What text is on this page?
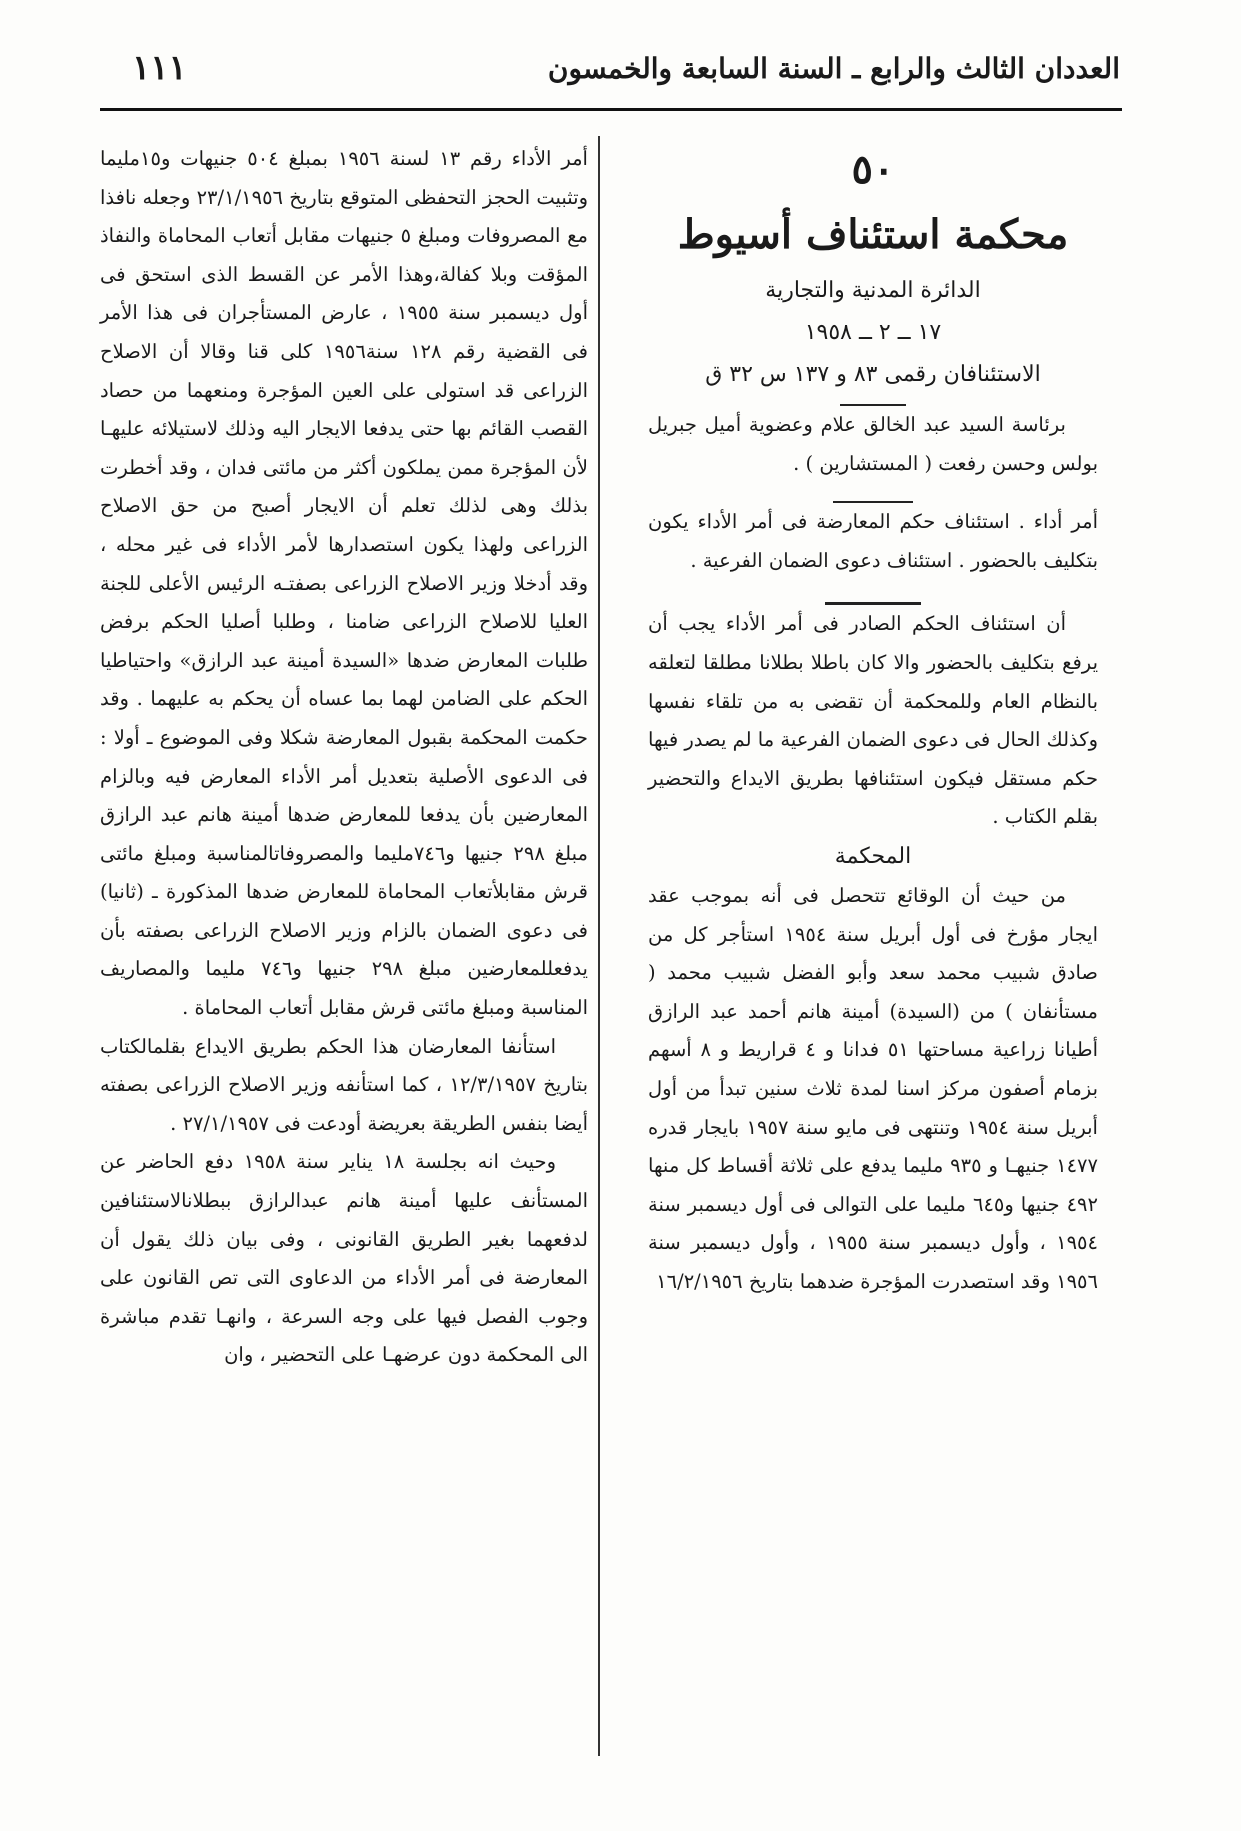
العددان الثالث والرابع ـ السنة السابعة والخمسون
١١١

٥٠

محكمة استئناف أسيوط

الدائرة المدنية والتجارية

١٧ ــ ٢ ــ ١٩٥٨

الاستئنافان رقمى ٨٣ و ١٣٧ س ٣٢ ق

برئاسة السيد عبد الخالق علام وعضوية أميل جبريل بولس وحسن رفعت ( المستشارين ) .

أمر أداء . استئناف حكم المعارضة فى أمر الأداء يكون بتكليف بالحضور . استئناف دعوى الضمان الفرعية .

أن استئناف الحكم الصادر فى أمر الأداء يجب أن يرفع بتكليف بالحضور والا كان باطلا بطلانا مطلقا لتعلقه بالنظام العام وللمحكمة أن تقضى به من تلقاء نفسها وكذلك الحال فى دعوى الضمان الفرعية ما لم يصدر فيها حكم مستقل فيكون استئنافها بطريق الايداع والتحضير بقلم الكتاب .

المحكمة

من حيث أن الوقائع تتحصل فى أنه بموجب عقد ايجار مؤرخ فى أول أبريل سنة ١٩٥٤ استأجر كل من صادق شبيب محمد سعد وأبو الفضل شبيب محمد ( مستأنفان ) من (السيدة) أمينة هانم أحمد عبد الرازق أطيانا زراعية مساحتها ٥١ فدانا و ٤ قراريط و ٨ أسهم بزمام أصفون مركز اسنا لمدة ثلاث سنين تبدأ من أول أبريل سنة ١٩٥٤ وتنتهى فى مايو سنة ١٩٥٧ بايجار قدره ١٤٧٧ جنيهـا و ٩٣٥ مليما يدفع على ثلاثة أقساط كل منها ٤٩٢ جنيها و٦٤٥ مليما على التوالى فى أول ديسمبر سنة ١٩٥٤ ، وأول ديسمبر سنة ١٩٥٥ ، وأول ديسمبر سنة ١٩٥٦ وقد استصدرت المؤجرة ضدهما بتاريخ ١٦/٢/١٩٥٦

أمر الأداء رقم ١٣ لسنة ١٩٥٦ بمبلغ ٥٠٤ جنيهات و١٥مليما وتثبيت الحجز التحفظى المتوقع بتاريخ ٢٣/١/١٩٥٦ وجعله نافذا مع المصروفات ومبلغ ٥ جنيهات مقابل أتعاب المحاماة والنفاذ المؤقت وبلا كفالة،وهذا الأمر عن القسط الذى استحق فى أول ديسمبر سنة ١٩٥٥ ، عارض المستأجران فى هذا الأمر فى القضية رقم ١٢٨ سنة١٩٥٦ كلى قنا وقالا أن الاصلاح الزراعى قد استولى على العين المؤجرة ومنعهما من حصاد القصب القائم بها حتى يدفعا الايجار اليه وذلك لاستيلائه عليهـا لأن المؤجرة ممن يملكون أكثر من مائتى فدان ، وقد أخطرت بذلك وهى لذلك تعلم أن الايجار أصبح من حق الاصلاح الزراعى ولهذا يكون استصدارها لأمر الأداء فى غير محله ، وقد أدخلا وزير الاصلاح الزراعى بصفتـه الرئيس الأعلى للجنة العليا للاصلاح الزراعى ضامنا ، وطلبا أصليا الحكم برفض طلبات المعارض ضدها «السيدة أمينة عبد الرازق» واحتياطيا الحكم على الضامن لهما بما عساه أن يحكم به عليهما . وقد حكمت المحكمة بقبول المعارضة شكلا وفى الموضوع ـ أولا : فى الدعوى الأصلية بتعديل أمر الأداء المعارض فيه وبالزام المعارضين بأن يدفعا للمعارض ضدها أمينة هانم عبد الرازق مبلغ ٢٩٨ جنيها و٧٤٦مليما والمصروفاتالمناسبة ومبلغ مائتى قرش مقابلأتعاب المحاماة للمعارض ضدها المذكورة ـ (ثانيا) فى دعوى الضمان بالزام وزير الاصلاح الزراعى بصفته بأن يدفعللمعارضين مبلغ ٢٩٨ جنيها و٧٤٦ مليما والمصاريف المناسبة ومبلغ مائتى قرش مقابل أتعاب المحاماة .

استأنفا المعارضان هذا الحكم بطريق الايداع بقلمالكتاب بتاريخ ١٢/٣/١٩٥٧ ، كما استأنفه وزير الاصلاح الزراعى بصفته أيضا بنفس الطريقة بعريضة أودعت فى ٢٧/١/١٩٥٧ .

وحيث انه بجلسة ١٨ يناير سنة ١٩٥٨ دفع الحاضر عن المستأنف عليها أمينة هانم عبدالرازق ببطلانالاستئنافين لدفعهما بغير الطريق القانونى ، وفى بيان ذلك يقول أن المعارضة فى أمر الأداء من الدعاوى التى تص القانون على وجوب الفصل فيها على وجه السرعة ، وانهـا تقدم مباشرة الى المحكمة دون عرضهـا على التحضير ، وان
